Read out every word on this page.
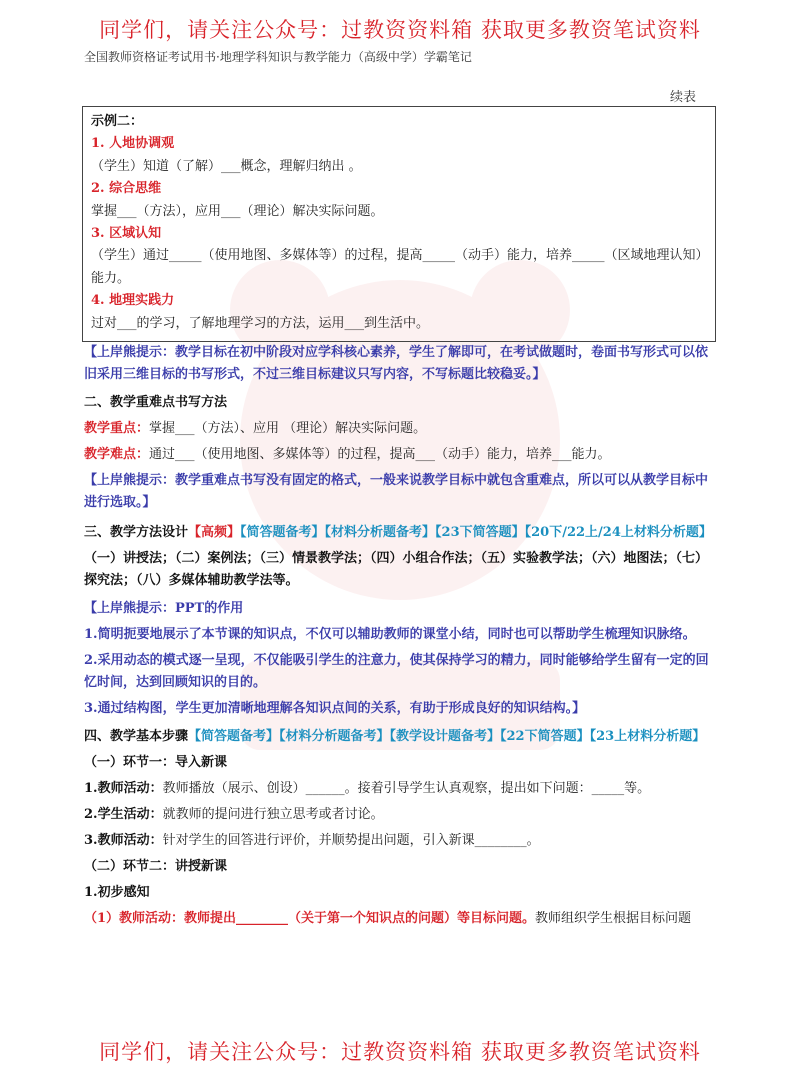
同学们，请关注公众号：过教资资料箱 获取更多教资笔试资料
全国教师资格证考试用书·地理学科知识与教学能力（高级中学）学霸笔记
续表
示例二：
1. 人地协调观
（学生）知道（了解）___概念，理解归纳出 。
2. 综合思维
掌握___（方法），应用___（理论）解决实际问题。
3. 区域认知
（学生）通过_____（使用地图、多媒体等）的过程，提高_____（动手）能力，培养_____（区域地理认知）能力。
4. 地理实践力
过对___的学习，了解地理学习的方法，运用___到生活中。
【上岸熊提示：教学目标在初中阶段对应学科核心素养，学生了解即可，在考试做题时，卷面书写形式可以依旧采用三维目标的书写形式，不过三维目标建议只写内容，不写标题比较稳妥。】
二、教学重难点书写方法
教学重点：掌握___（方法）、应用 （理论）解决实际问题。
教学难点：通过___（使用地图、多媒体等）的过程，提高___（动手）能力，培养___能力。
【上岸熊提示：教学重难点书写没有固定的格式，一般来说教学目标中就包含重难点，所以可以从教学目标中进行选取。】
三、教学方法设计【高频】【简答题备考】【材料分析题备考】【23下简答题】【20下/22上/24上材料分析题】
（一）讲授法；（二）案例法；（三）情景教学法；（四）小组合作法；（五）实验教学法；（六）地图法；（七）探究法；（八）多媒体辅助教学法等。
【上岸熊提示：PPT的作用
1.简明扼要地展示了本节课的知识点，不仅可以辅助教师的课堂小结，同时也可以帮助学生梳理知识脉络。
2.采用动态的模式逐一呈现，不仅能吸引学生的注意力，使其保持学习的精力，同时能够给学生留有一定的回忆时间，达到回顾知识的目的。
3.通过结构图，学生更加清晰地理解各知识点间的关系，有助于形成良好的知识结构。】
四、教学基本步骤【简答题备考】【材料分析题备考】【教学设计题备考】【22下简答题】【23上材料分析题】
（一）环节一：导入新课
1.教师活动：教师播放（展示、创设）______。接着引导学生认真观察，提出如下问题：_____等。
2.学生活动：就教师的提问进行独立思考或者讨论。
3.教师活动：针对学生的回答进行评价，并顺势提出问题，引入新课________。
（二）环节二：讲授新课
1.初步感知
（1）教师活动：教师提出________（关于第一个知识点的问题）等目标问题。教师组织学生根据目标问题
同学们，请关注公众号：过教资资料箱 获取更多教资笔试资料
